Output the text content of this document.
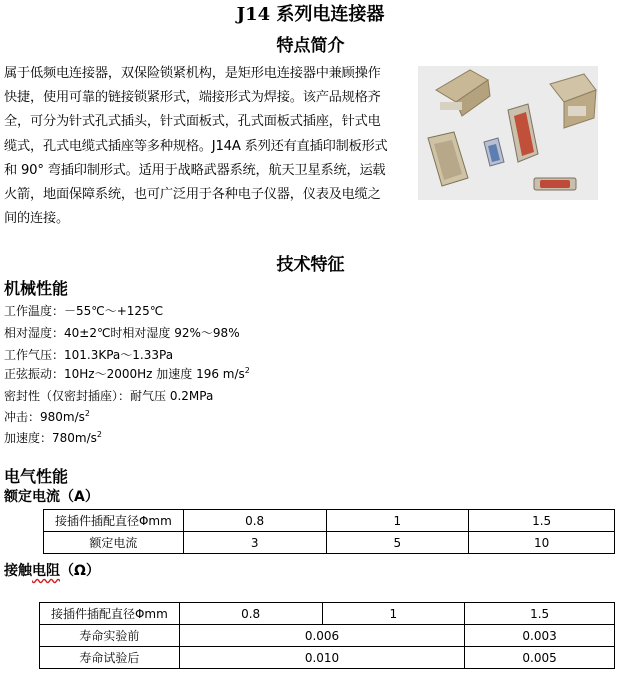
J14 系列电连接器
特点简介
属于低频电连接器，双保险锁紧机构，是矩形电连接器中兼顾操作
快捷，使用可靠的链接锁紧形式，端接形式为焊接。该产品规格齐
全，可分为针式孔式插头，针式面板式，孔式面板式插座，针式电
缆式，孔式电缆式插座等多种规格。J14A 系列还有直插印制板形式
和 90° 弯插印制形式。适用于战略武器系统，航天卫星系统，运载
火箭，地面保障系统，也可广泛用于各种电子仪器，仪表及电缆之
间的连接。
技术特征
机械性能
工作温度：－55℃～+125℃
相对湿度：40±2℃时相对湿度 92%～98%
工作气压：101.3KPa～1.33Pa
正弦振动：10Hz～2000Hz 加速度 196 $m/s^2$
密封性（仅密封插座）：耐气压 0.2MPa
冲击：$980m/s^2$
加速度：$780m/s^2$
电气性能
额定电流（A）
接插件插配直径Φmm	0.8	1	1.5
额定电流	3	5	10
接触电阻（Ω）
接插件插配直径Φmm	0.8	1	1.5
寿命实验前	0.006		0.003
寿命试验后	0.010		0.005
